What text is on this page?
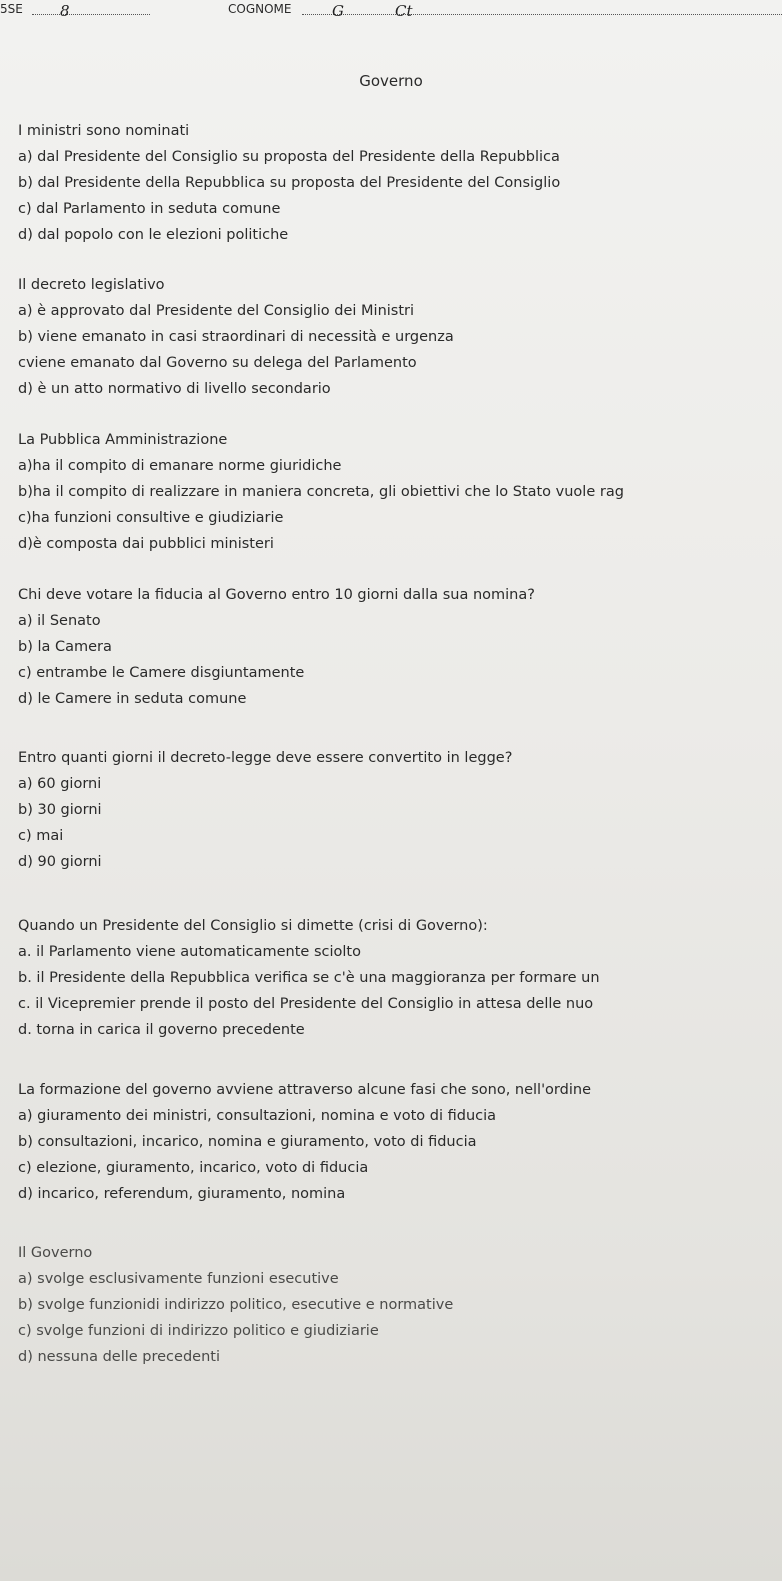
5SE 8	COGNOME	G	Ct
Governo
I ministri sono nominati
a) dal Presidente del Consiglio su proposta del Presidente della Repubblica
b) dal Presidente della Repubblica su proposta del Presidente del Consiglio
c) dal Parlamento in seduta comune
d) dal popolo con le elezioni politiche
Il decreto legislativo
a) è approvato dal Presidente del Consiglio dei Ministri
b) viene emanato in casi straordinari di necessità e urgenza
cviene emanato dal Governo su delega del Parlamento
d) è un atto normativo di livello secondario
La Pubblica Amministrazione
a)ha il compito di emanare norme giuridiche
b)ha il compito di realizzare in maniera concreta, gli obiettivi che lo Stato vuole rag
c)ha funzioni consultive e giudiziarie
d)è composta dai pubblici ministeri
Chi deve votare la fiducia al Governo entro 10 giorni dalla sua nomina?
a) il Senato
b) la Camera
c) entrambe le Camere disgiuntamente
d) le Camere in seduta comune
Entro quanti giorni il decreto-legge deve essere convertito in legge?
a) 60 giorni
b) 30 giorni
c) mai
d) 90 giorni
Quando un Presidente del Consiglio si dimette (crisi di Governo):
a. il Parlamento viene automaticamente sciolto
b. il Presidente della Repubblica verifica se c'è una maggioranza per formare un
c. il Vicepremier prende il posto del Presidente del Consiglio in attesa delle nuo
d. torna in carica il governo precedente
La formazione del governo avviene attraverso alcune fasi che sono, nell'ordine
a) giuramento dei ministri, consultazioni, nomina e voto di fiducia
b) consultazioni, incarico, nomina e giuramento, voto di fiducia
c) elezione, giuramento, incarico, voto di fiducia
d) incarico, referendum, giuramento, nomina
Il Governo
a) svolge esclusivamente funzioni esecutive
b) svolge funzionidi indirizzo politico, esecutive e normative
c) svolge funzioni di indirizzo politico e giudiziarie
d) nessuna delle precedenti
